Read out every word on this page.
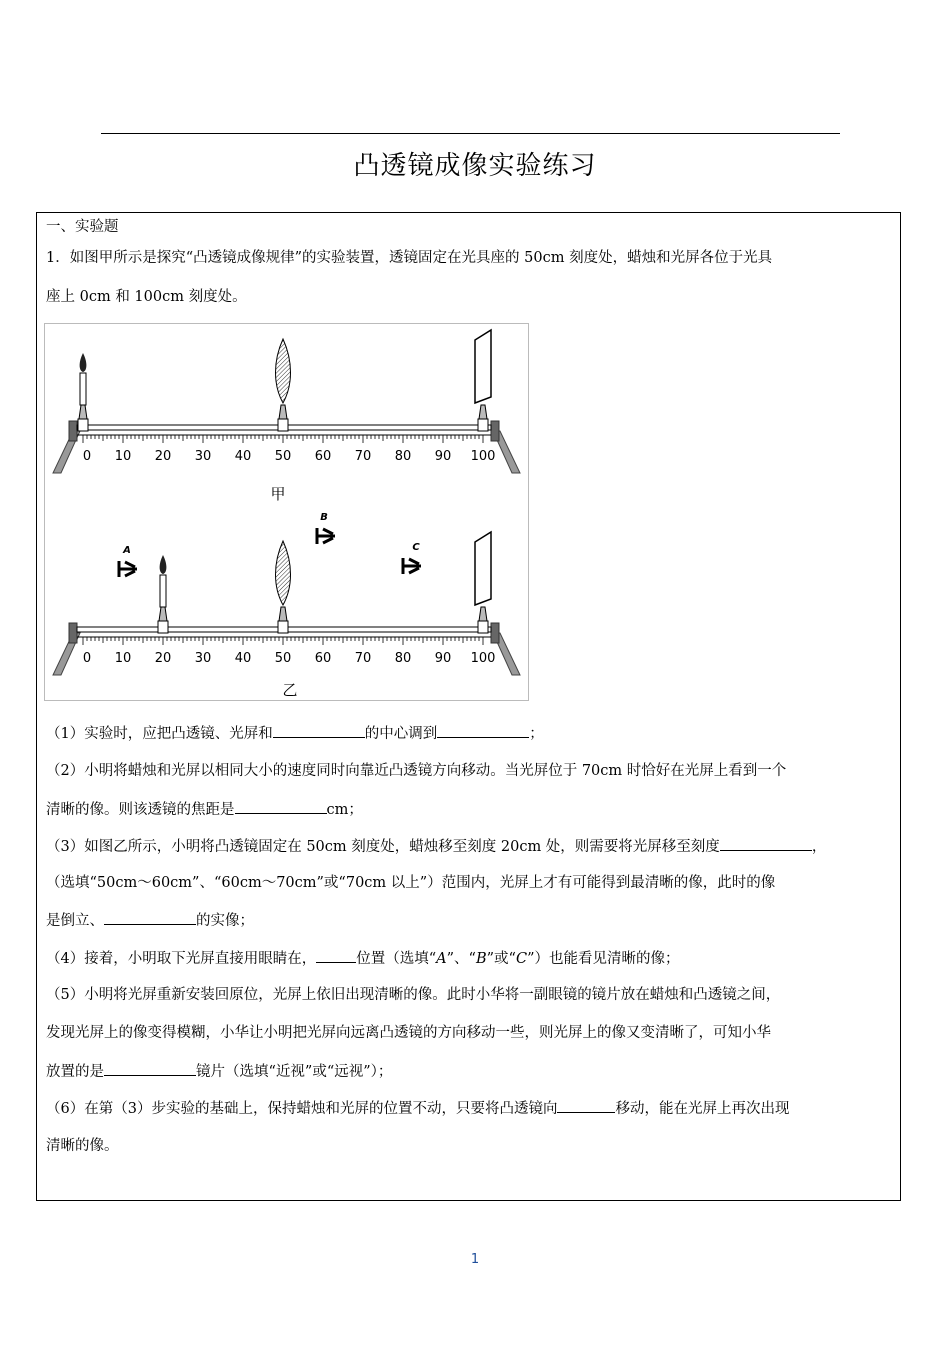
凸透镜成像实验练习
一、实验题
1．如图甲所示是探究“凸透镜成像规律”的实验装置，透镜固定在光具座的 50cm 刻度处，蜡烛和光屏各位于光具
座上 0cm 和 100cm 刻度处。
0 10 20 30 40 50 60 70 80 90 100
甲
0 10 20 30 40 50 60 70 80 90 100
乙
A
B
C
（1）实验时，应把凸透镜、光屏和	的中心调到	；
（2）小明将蜡烛和光屏以相同大小的速度同时向靠近凸透镜方向移动。当光屏位于 70cm 时恰好在光屏上看到一个
清晰的像。则该透镜的焦距是	cm；
（3）如图乙所示，小明将凸透镜固定在 50cm 刻度处，蜡烛移至刻度 20cm 处，则需要将光屏移至刻度	，
（选填“50cm～60cm”、“60cm～70cm”或“70cm 以上”）范围内，光屏上才有可能得到最清晰的像，此时的像
是倒立、	的实像；
（4）接着，小明取下光屏直接用眼睛在，	位置（选填“A”、“B”或“C”）也能看见清晰的像；
（5）小明将光屏重新安装回原位，光屏上依旧出现清晰的像。此时小华将一副眼镜的镜片放在蜡烛和凸透镜之间，
发现光屏上的像变得模糊，小华让小明把光屏向远离凸透镜的方向移动一些，则光屏上的像又变清晰了，可知小华
放置的是	镜片（选填“近视”或“远视”）；
（6）在第（3）步实验的基础上，保持蜡烛和光屏的位置不动，只要将凸透镜向	移动，能在光屏上再次出现
清晰的像。
1
